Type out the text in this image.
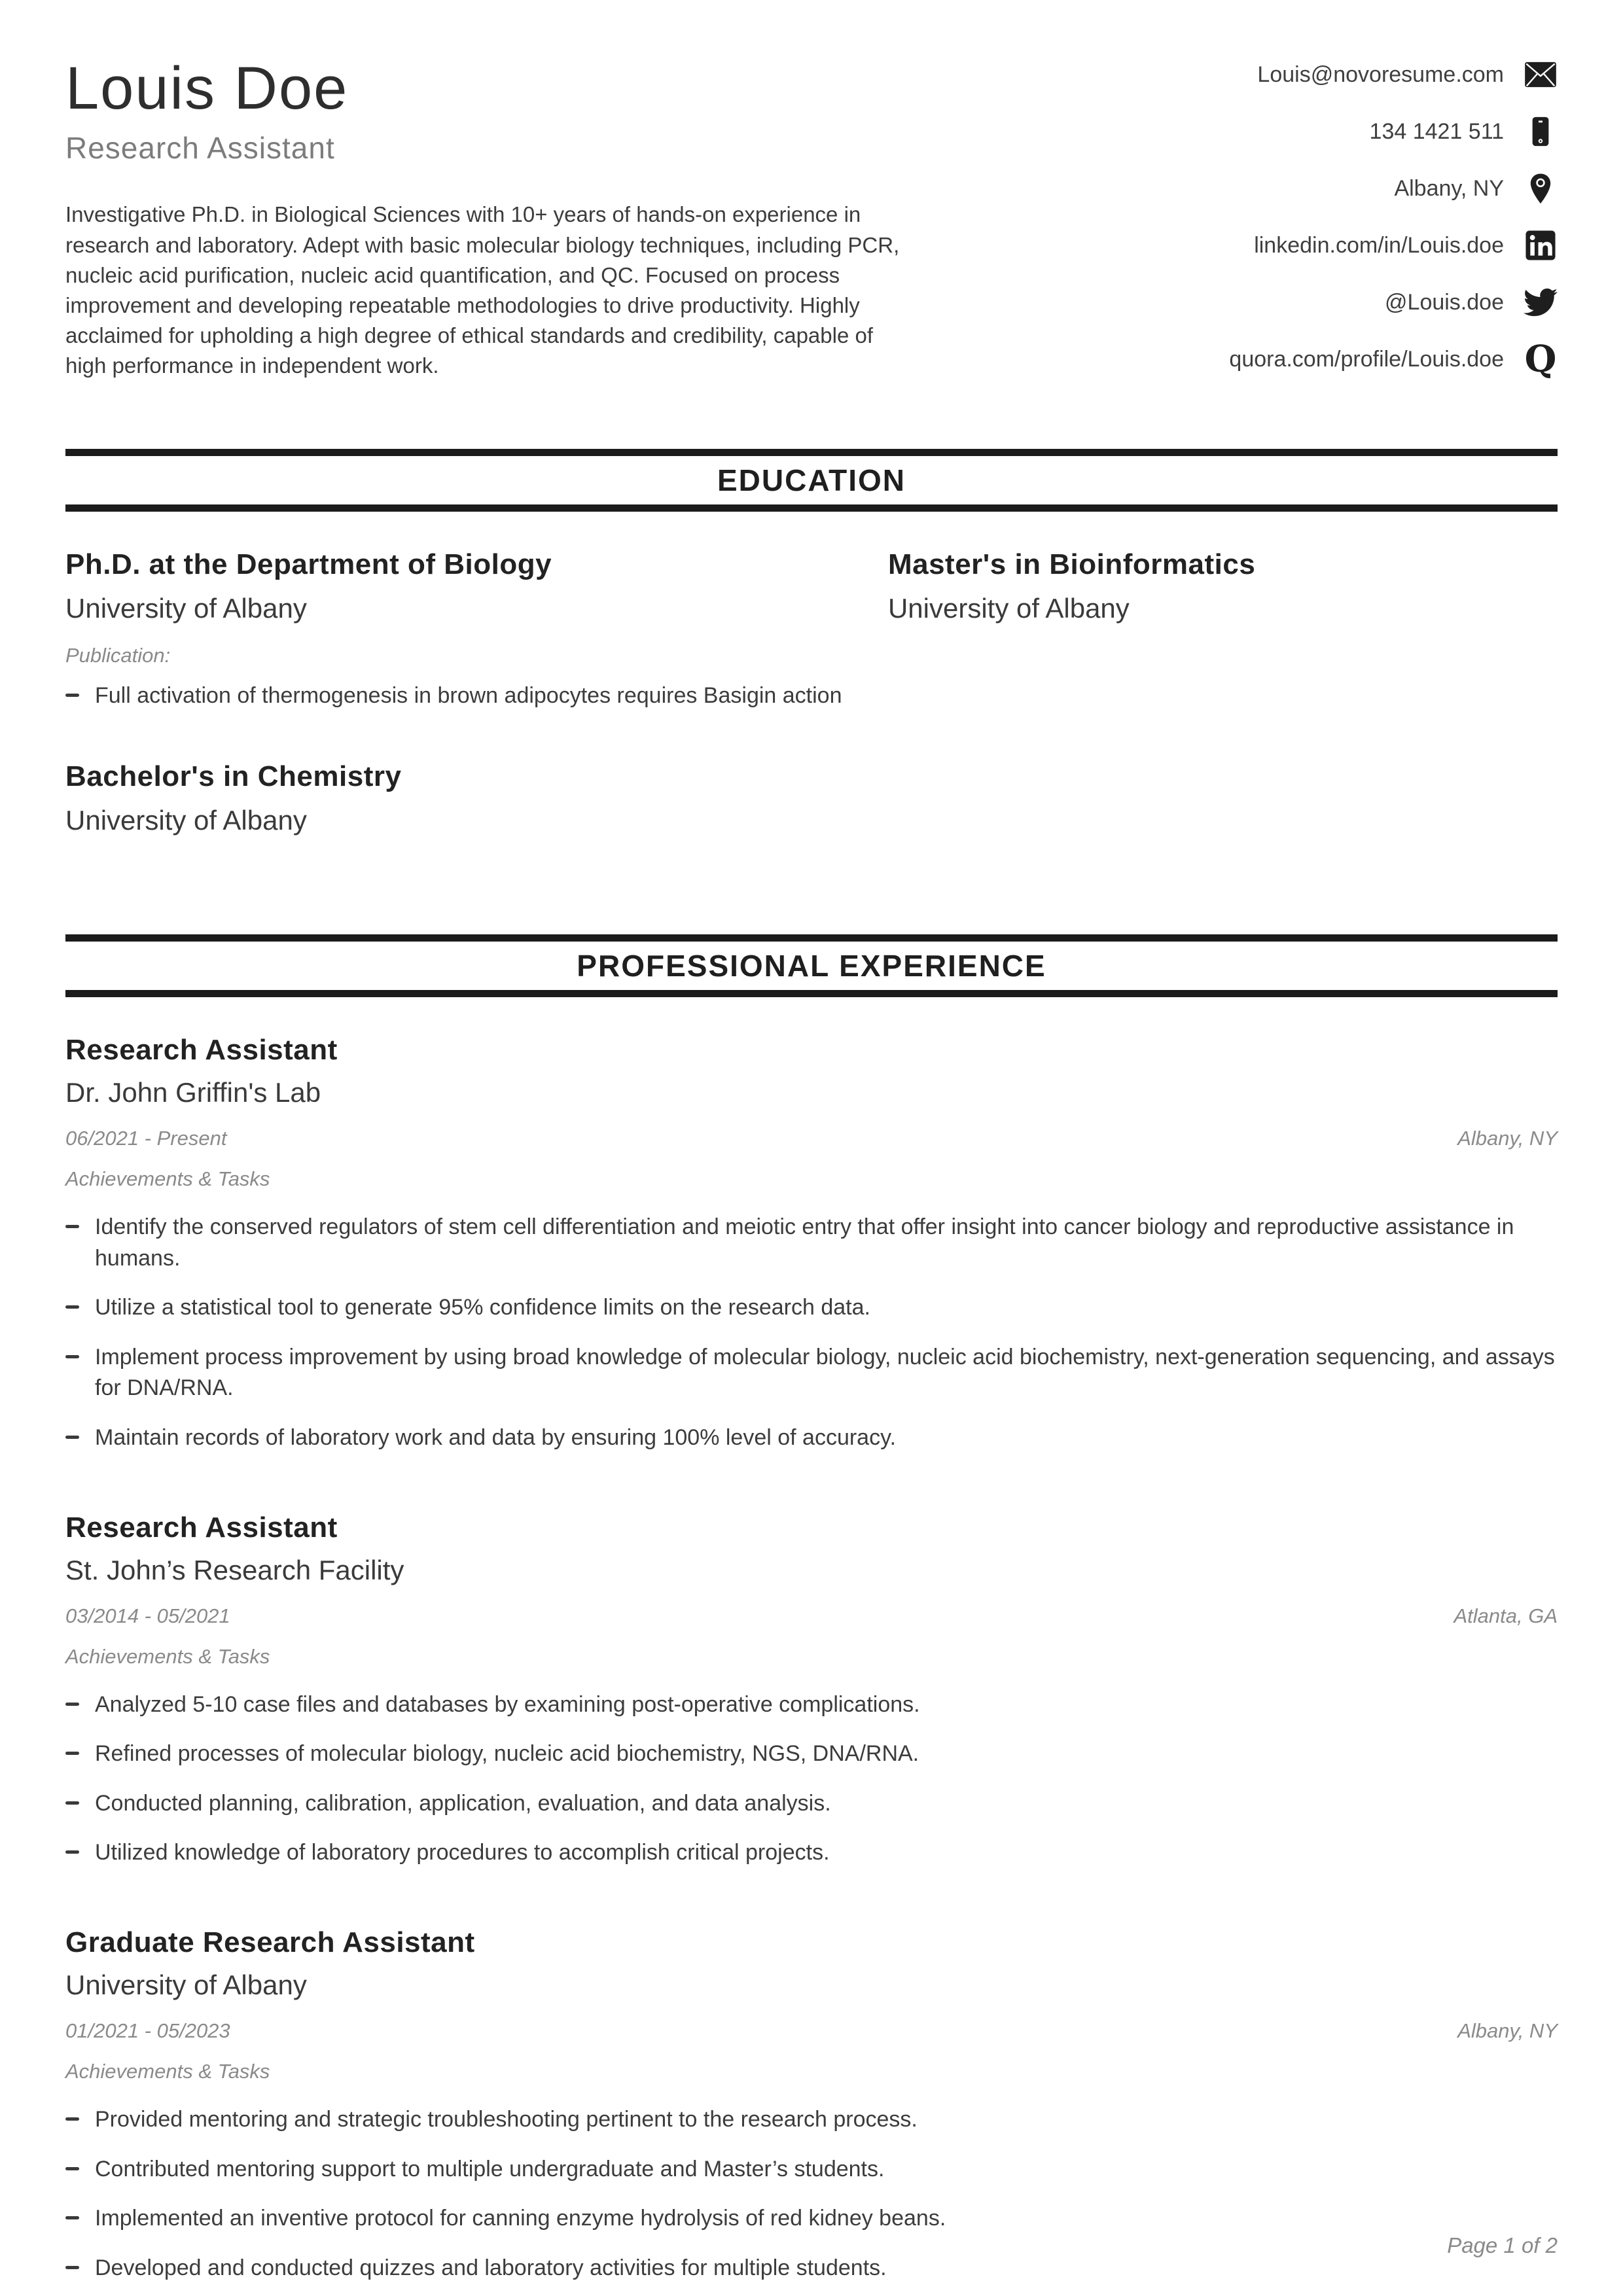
Louis Doe
Research Assistant

Investigative Ph.D. in Biological Sciences with 10+ years of hands-on experience in research and laboratory. Adept with basic molecular biology techniques, including PCR, nucleic acid purification, nucleic acid quantification, and QC. Focused on process improvement and developing repeatable methodologies to drive productivity. Highly acclaimed for upholding a high degree of ethical standards and credibility, capable of high performance in independent work.

Louis@novoresume.com
134 1421 511
Albany, NY
linkedin.com/in/Louis.doe
@Louis.doe
quora.com/profile/Louis.doe Q
EDUCATION
Ph.D. at the Department of Biology
University of Albany
Publication:
Full activation of thermogenesis in brown adipocytes requires Basigin action
Master's in Bioinformatics
University of Albany
Bachelor's in Chemistry
University of Albany
PROFESSIONAL EXPERIENCE
Research Assistant
Dr. John Griffin's Lab
06/2021 - Present	Albany, NY
Achievements & Tasks
Identify the conserved regulators of stem cell differentiation and meiotic entry that offer insight into cancer biology and reproductive assistance in humans.
Utilize a statistical tool to generate 95% confidence limits on the research data.
Implement process improvement by using broad knowledge of molecular biology, nucleic acid biochemistry, next-generation sequencing, and assays for DNA/RNA.
Maintain records of laboratory work and data by ensuring 100% level of accuracy.
Research Assistant
St. John’s Research Facility
03/2014 - 05/2021	Atlanta, GA
Achievements & Tasks
Analyzed 5-10 case files and databases by examining post-operative complications.
Refined processes of molecular biology, nucleic acid biochemistry, NGS, DNA/RNA.
Conducted planning, calibration, application, evaluation, and data analysis.
Utilized knowledge of laboratory procedures to accomplish critical projects.
Graduate Research Assistant
University of Albany
01/2021 - 05/2023	Albany, NY
Achievements & Tasks
Provided mentoring and strategic troubleshooting pertinent to the research process.
Contributed mentoring support to multiple undergraduate and Master’s students.
Implemented an inventive protocol for canning enzyme hydrolysis of red kidney beans.
Developed and conducted quizzes and laboratory activities for multiple students.
Page 1 of 2
